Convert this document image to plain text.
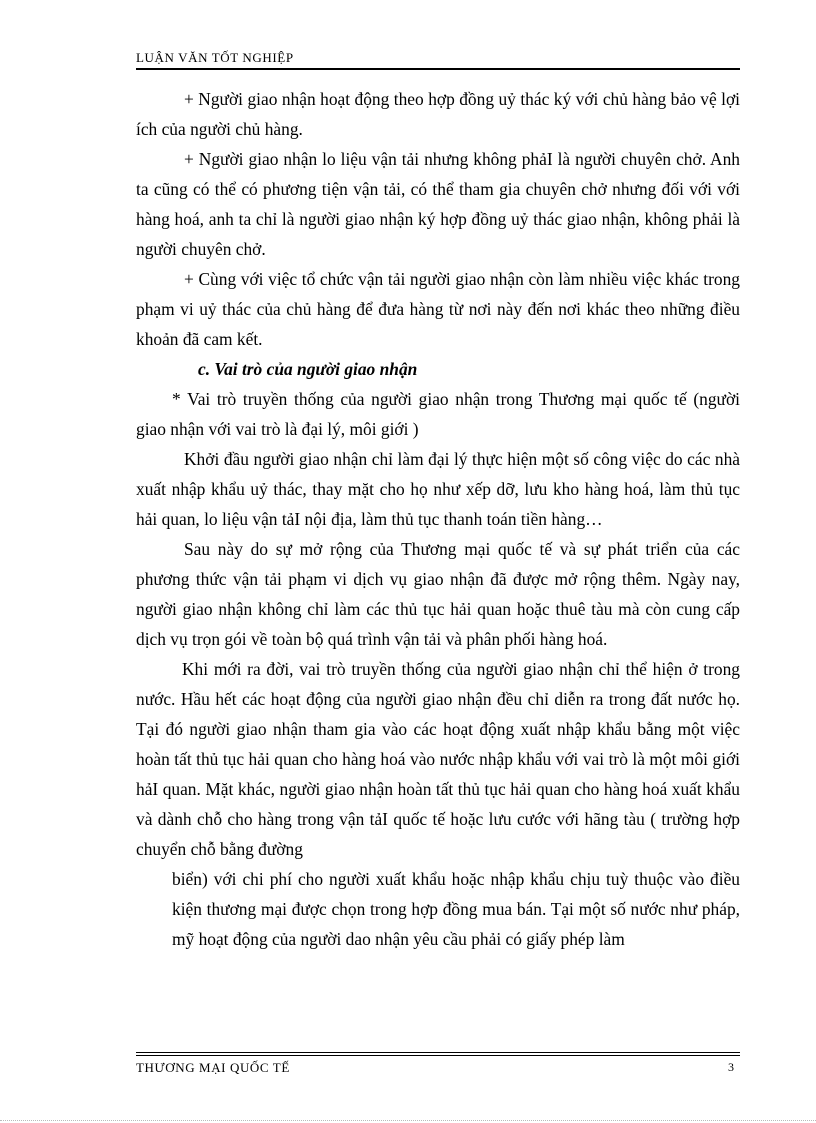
LUẬN VĂN TỐT NGHIỆP

+ Người giao nhận hoạt động theo hợp đồng uỷ thác ký với chủ hàng bảo vệ lợi ích của người chủ hàng.

+ Người giao nhận lo liệu vận tải nhưng không phảI là người chuyên chở. Anh ta cũng có thể có phương tiện vận tải, có thể tham gia chuyên chở nhưng đối với với hàng hoá, anh ta chỉ là người giao nhận ký hợp đồng uỷ thác giao nhận, không phải là người chuyên chở.

+ Cùng với việc tổ chức vận tải người giao nhận còn làm nhiều việc khác trong phạm vi uỷ thác của chủ hàng để đưa hàng từ nơi này đến nơi khác theo những điều khoản đã cam kết.

c. Vai trò của người giao nhận

* Vai trò truyền thống của người giao nhận trong Thương mại quốc tế (người giao nhận với vai trò là đại lý, môi giới )

Khởi đầu người giao nhận chỉ làm đại lý thực hiện một số công việc do các nhà xuất nhập khẩu uỷ thác, thay mặt cho họ như xếp dỡ, lưu kho hàng hoá, làm thủ tục hải quan, lo liệu vận tảI nội địa, làm thủ tục thanh toán tiền hàng…

Sau này do sự mở rộng của Thương mại quốc tế và sự phát triển của các phương thức vận tải phạm vi dịch vụ giao nhận đã được mở rộng thêm. Ngày nay, người giao nhận không chỉ làm các thủ tục hải quan hoặc thuê tàu mà còn cung cấp dịch vụ trọn gói về toàn bộ quá trình vận tải và phân phối hàng hoá.

Khi mới ra đời, vai trò truyền thống của người giao nhận chỉ thể hiện ở trong nước. Hầu hết các hoạt động của người giao nhận đều chỉ diễn ra trong đất nước họ. Tại đó người giao nhận tham gia vào các hoạt động xuất nhập khẩu bằng một việc hoàn tất thủ tục hải quan cho hàng hoá vào nước nhập khẩu với vai trò là một môi giới hảI quan. Mặt khác, người giao nhận hoàn tất thủ tục hải quan cho hàng hoá xuất khẩu và dành chỗ cho hàng trong vận tảI quốc tế hoặc lưu cước với hãng tàu ( trường hợp chuyển chỗ bằng đường

biển) với chi phí cho người xuất khẩu hoặc nhập khẩu chịu tuỳ thuộc vào điều kiện thương mại được chọn trong hợp đồng mua bán. Tại một số nước như pháp, mỹ hoạt động của người dao nhận yêu cầu phải có giấy phép làm

THƯƠNG MẠI QUỐC TẾ	3
